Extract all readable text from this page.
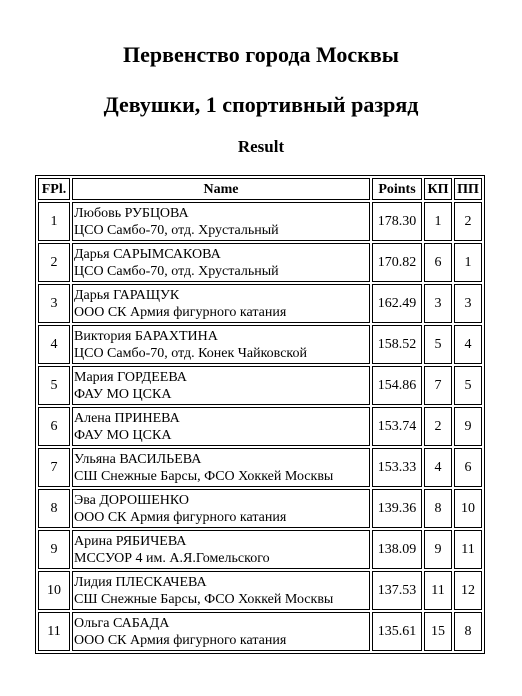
Первенство города Москвы
Девушки, 1 спортивный разряд
Result
FPl.	Name	Points	КП	ПП
1	Любовь РУБЦОВА
ЦСО Самбо-70, отд. Хрустальный	178.30	1	2
2	Дарья САРЫМСАКОВА
ЦСО Самбо-70, отд. Хрустальный	170.82	6	1
3	Дарья ГАРАЩУК
ООО СК Армия фигурного катания	162.49	3	3
4	Виктория БАРАХТИНА
ЦСО Самбо-70, отд. Конек Чайковской	158.52	5	4
5	Мария ГОРДЕЕВА
ФАУ МО ЦСКА	154.86	7	5
6	Алена ПРИНЕВА
ФАУ МО ЦСКА	153.74	2	9
7	Ульяна ВАСИЛЬЕВА
СШ Снежные Барсы, ФСО Хоккей Москвы	153.33	4	6
8	Эва ДОРОШЕНКО
ООО СК Армия фигурного катания	139.36	8	10
9	Арина РЯБИЧЕВА
МССУОР 4 им. А.Я.Гомельского	138.09	9	11
10	Лидия ПЛЕСКАЧЕВА
СШ Снежные Барсы, ФСО Хоккей Москвы	137.53	11	12
11	Ольга САБАДА
ООО СК Армия фигурного катания	135.61	15	8
